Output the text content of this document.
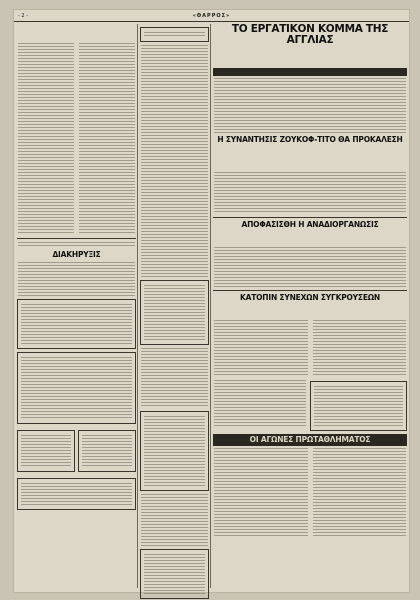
- 2 -	«ΘΑΡΡΟΣ»
ΔΙΑΚΗΡΥΞΙΣ
ΤΟ ΕΡΓΑΤΙΚΟΝ ΚΟΜΜΑ ΤΗΣ ΑΓΓΛΙΑΣ
Η ΣΥΝΑΝΤΗΣΙΣ ΖΟΥΚΟΦ-ΤΙΤΟ ΘΑ ΠΡΟΚΑΛΕΣΗ
ΑΠΟΦΑΣΙΣΘΗ Η ΑΝΑΔΙΟΡΓΑΝΩΣΙΣ
ΚΑΤΟΠΙΝ ΣΥΝΕΧΩΝ ΣΥΓΚΡΟΥΣΕΩΝ
ΟΙ ΑΓΩΝΕΣ ΠΡΩΤΑΘΛΗΜΑΤΟΣ
